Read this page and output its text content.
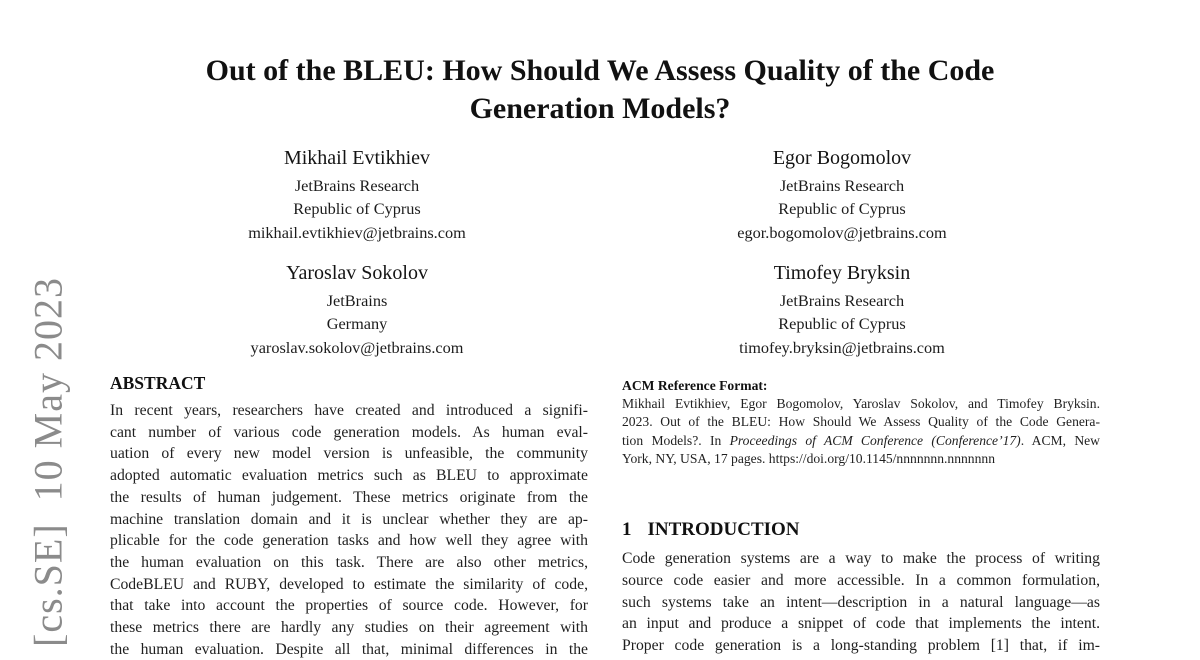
[cs.SE]  10 May 2023
Out of the BLEU: How Should We Assess Quality of the Code
Generation Models?
Mikhail Evtikhiev
JetBrains Research
Republic of Cyprus
mikhail.evtikhiev@jetbrains.com
Egor Bogomolov
JetBrains Research
Republic of Cyprus
egor.bogomolov@jetbrains.com
Yaroslav Sokolov
JetBrains
Germany
yaroslav.sokolov@jetbrains.com
Timofey Bryksin
JetBrains Research
Republic of Cyprus
timofey.bryksin@jetbrains.com
ABSTRACT
In recent years, researchers have created and introduced a signifi-
cant number of various code generation models. As human eval-
uation of every new model version is unfeasible, the community
adopted automatic evaluation metrics such as BLEU to approximate
the results of human judgement. These metrics originate from the
machine translation domain and it is unclear whether they are ap-
plicable for the code generation tasks and how well they agree with
the human evaluation on this task. There are also other metrics,
CodeBLEU and RUBY, developed to estimate the similarity of code,
that take into account the properties of source code. However, for
these metrics there are hardly any studies on their agreement with
the human evaluation. Despite all that, minimal differences in the
ACM Reference Format:
Mikhail Evtikhiev, Egor Bogomolov, Yaroslav Sokolov, and Timofey Bryksin.
2023. Out of the BLEU: How Should We Assess Quality of the Code Genera-
tion Models?. In Proceedings of ACM Conference (Conference’17). ACM, New
York, NY, USA, 17 pages. https://doi.org/10.1145/nnnnnnn.nnnnnnn
1 INTRODUCTION
Code generation systems are a way to make the process of writing
source code easier and more accessible. In a common formulation,
such systems take an intent—description in a natural language—as
an input and produce a snippet of code that implements the intent.
Proper code generation is a long-standing problem [1] that, if im-
